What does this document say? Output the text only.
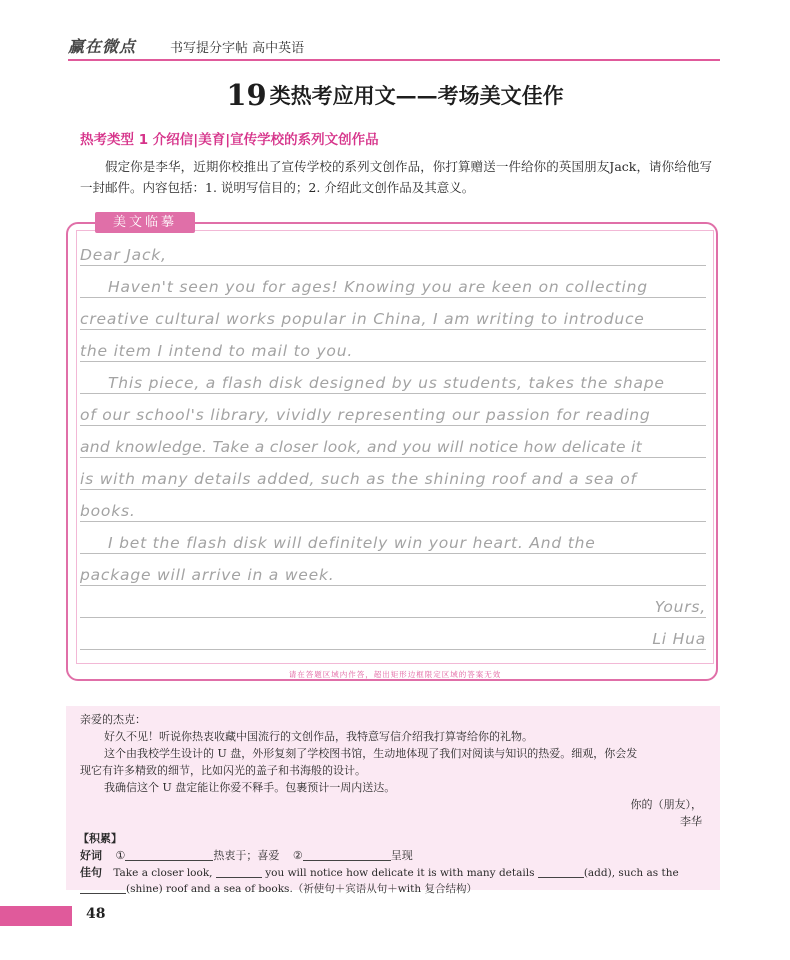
赢在微点	书写提分字帖 高中英语
19 类热考应用文——考场美文佳作
热考类型 1 介绍信|美育|宣传学校的系列文创作品
假定你是李华，近期你校推出了宣传学校的系列文创作品，你打算赠送一件给你的英国朋友Jack，请你给他写一封邮件。内容包括：1. 说明写信目的；2. 介绍此文创作品及其意义。
美文临摹
Dear Jack,
Haven't seen you for ages! Knowing you are keen on collecting
creative cultural works popular in China, I am writing to introduce
the item I intend to mail to you.
This piece, a flash disk designed by us students, takes the shape
of our school's library, vividly representing our passion for reading
and knowledge. Take a closer look, and you will notice how delicate it
is with many details added, such as the shining roof and a sea of
books.
I bet the flash disk will definitely win your heart. And the
package will arrive in a week.
Yours,
Li Hua
请在答题区域内作答，超出矩形边框限定区域的答案无效
亲爱的杰克：
好久不见！听说你热衷收藏中国流行的文创作品，我特意写信介绍我打算寄给你的礼物。
这个由我校学生设计的 U 盘，外形复刻了学校图书馆，生动地体现了我们对阅读与知识的热爱。细观，你会发
现它有许多精致的细节，比如闪光的盖子和书海般的设计。
我确信这个 U 盘定能让你爱不释手。包裹预计一周内送达。
你的（朋友），
李华
【积累】
好词 ①	热衷于；喜爱 ②	呈现
佳句 Take a closer look,	you will notice how delicate it is with many details	(add), such as the
(shine) roof and a sea of books.（祈使句＋宾语从句＋with 复合结构）
48
